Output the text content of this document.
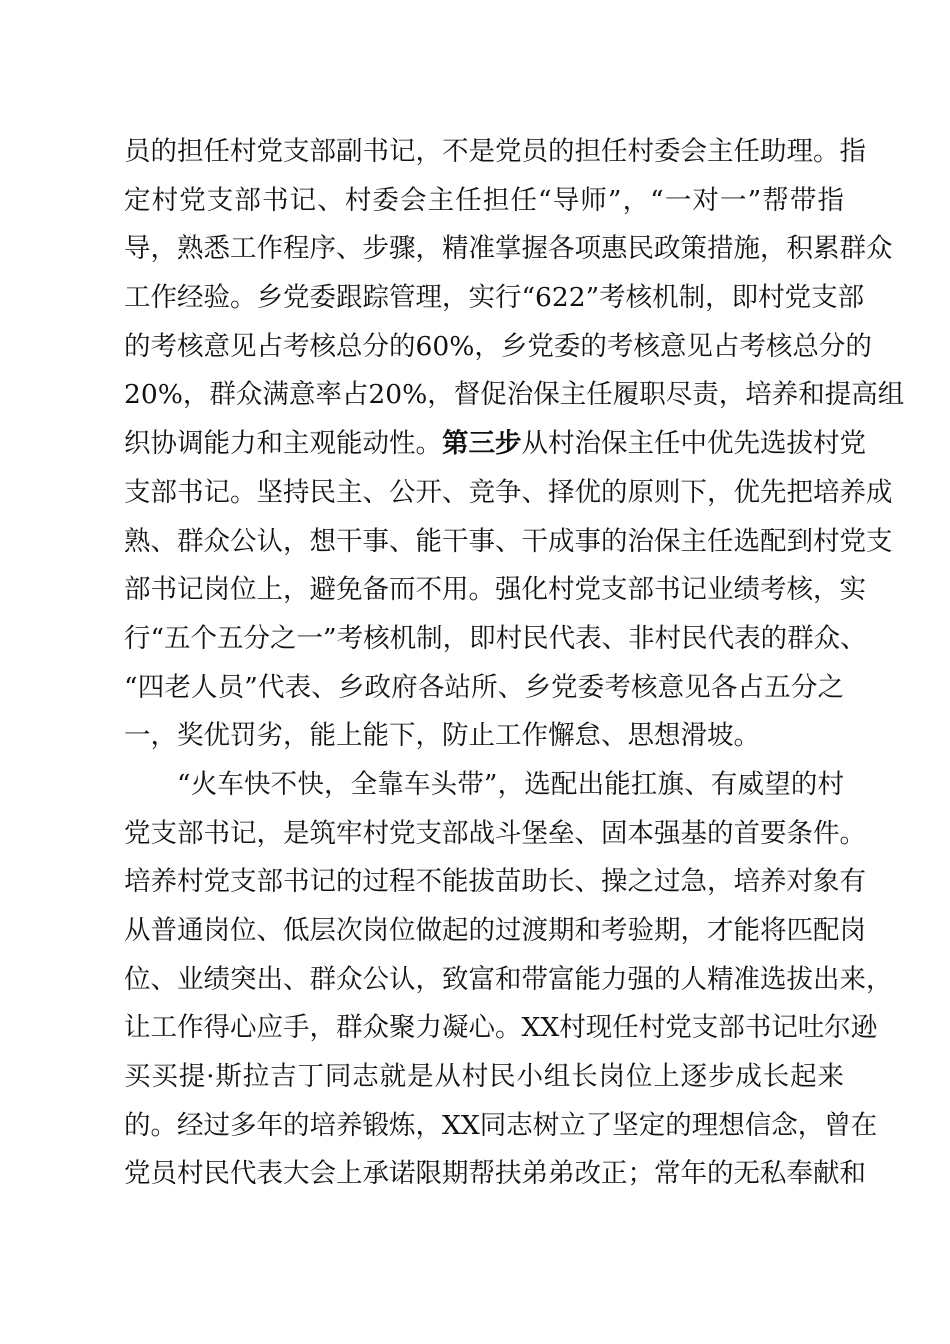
员的担任村党支部副书记，不是党员的担任村委会主任助理。指
定村党支部书记、村委会主任担任“导师”，“一对一”帮带指
导，熟悉工作程序、步骤，精准掌握各项惠民政策措施，积累群众
工作经验。乡党委跟踪管理，实行“622”考核机制，即村党支部
的考核意见占考核总分的60%，乡党委的考核意见占考核总分的
20%，群众满意率占20%，督促治保主任履职尽责，培养和提高组
织协调能力和主观能动性。第三步从村治保主任中优先选拔村党
支部书记。坚持民主、公开、竞争、择优的原则下，优先把培养成
熟、群众公认，想干事、能干事、干成事的治保主任选配到村党支
部书记岗位上，避免备而不用。强化村党支部书记业绩考核，实
行“五个五分之一”考核机制，即村民代表、非村民代表的群众、
“四老人员”代表、乡政府各站所、乡党委考核意见各占五分之
一，奖优罚劣，能上能下，防止工作懈怠、思想滑坡。
“火车快不快，全靠车头带”，选配出能扛旗、有威望的村
党支部书记，是筑牢村党支部战斗堡垒、固本强基的首要条件。
培养村党支部书记的过程不能拔苗助长、操之过急，培养对象有
从普通岗位、低层次岗位做起的过渡期和考验期，才能将匹配岗
位、业绩突出、群众公认，致富和带富能力强的人精准选拔出来，
让工作得心应手，群众聚力凝心。XX村现任村党支部书记吐尔逊
买买提·斯拉吉丁同志就是从村民小组长岗位上逐步成长起来
的。经过多年的培养锻炼，XX同志树立了坚定的理想信念，曾在
党员村民代表大会上承诺限期帮扶弟弟改正；常年的无私奉献和
